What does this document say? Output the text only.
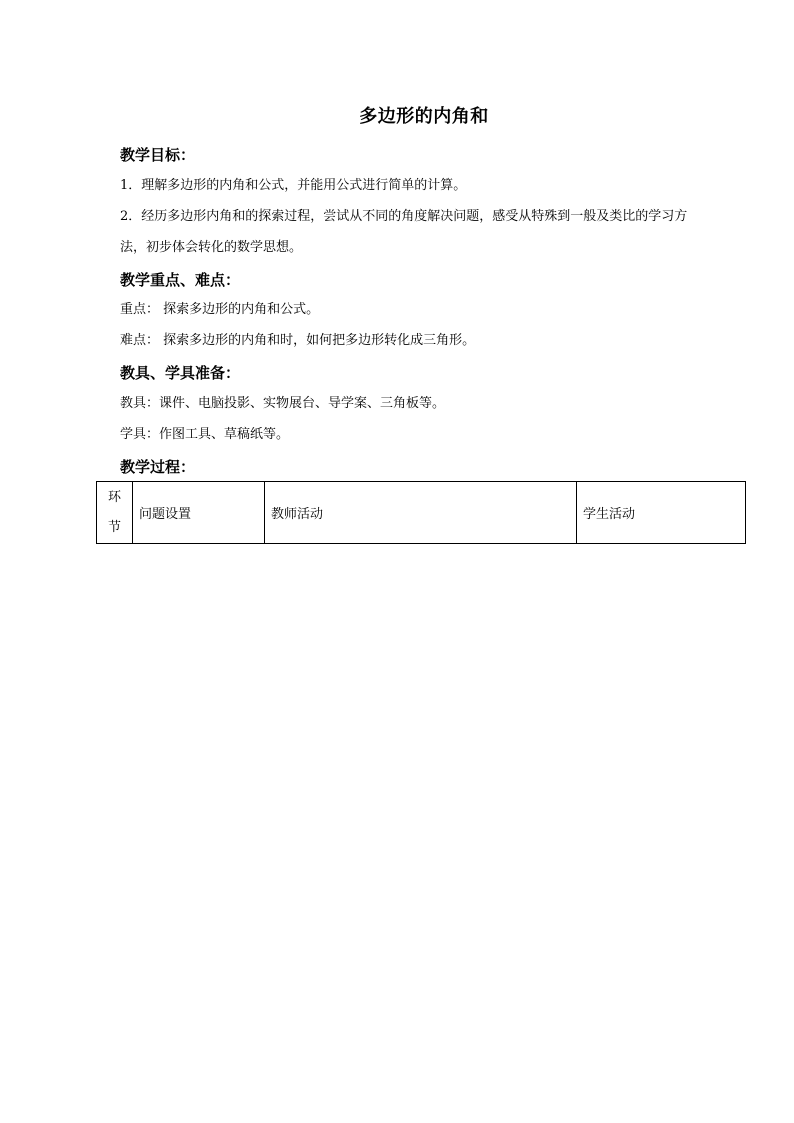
多边形的内角和
教学目标：
1．理解多边形的内角和公式，并能用公式进行简单的计算。
2．经历多边形内角和的探索过程，尝试从不同的角度解决问题，感受从特殊到一般及类比的学习方
法，初步体会转化的数学思想。
教学重点、难点：
重点： 探索多边形的内角和公式。
难点： 探索多边形的内角和时，如何把多边形转化成三角形。
教具、学具准备：
教具：课件、电脑投影、实物展台、导学案、三角板等。
学具：作图工具、草稿纸等。
教学过程：
环
节
	问题设置	教师活动	学生活动
